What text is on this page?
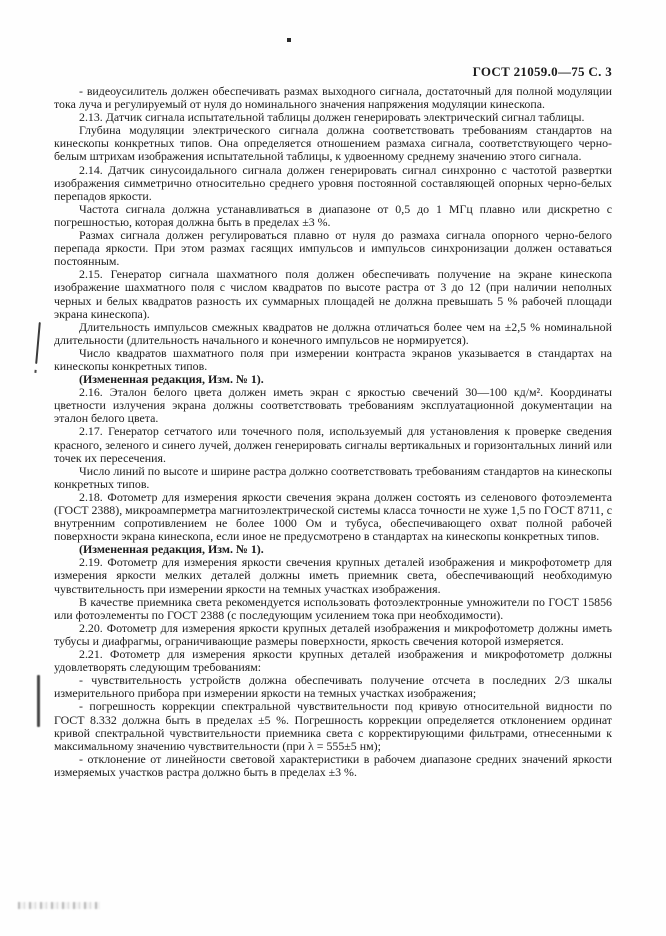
ГОСТ 21059.0—75 С. 3

- видеоусилитель должен обеспечивать размах выходного сигнала, достаточный для полной модуляции тока луча и регулируемый от нуля до номинального значения напряжения модуляции кинескопа.

2.13. Датчик сигнала испытательной таблицы должен генерировать электрический сигнал таблицы.

Глубина модуляции электрического сигнала должна соответствовать требованиям стандартов на кинескопы конкретных типов. Она определяется отношением размаха сигнала, соответствующего черно-белым штрихам изображения испытательной таблицы, к удвоенному среднему значению этого сигнала.

2.14. Датчик синусоидального сигнала должен генерировать сигнал синхронно с частотой развертки изображения симметрично относительно среднего уровня постоянной составляющей опорных черно-белых перепадов яркости.

Частота сигнала должна устанавливаться в диапазоне от 0,5 до 1 МГц плавно или дискретно с погрешностью, которая должна быть в пределах ±3 %.

Размах сигнала должен регулироваться плавно от нуля до размаха сигнала опорного черно-белого перепада яркости. При этом размах гасящих импульсов и импульсов синхронизации должен оставаться постоянным.

2.15. Генератор сигнала шахматного поля должен обеспечивать получение на экране кинескопа изображение шахматного поля с числом квадратов по высоте растра от 3 до 12 (при наличии неполных черных и белых квадратов разность их суммарных площадей не должна превышать 5 % рабочей площади экрана кинескопа).

Длительность импульсов смежных квадратов не должна отличаться более чем на ±2,5 % номинальной длительности (длительность начального и конечного импульсов не нормируется).

Число квадратов шахматного поля при измерении контраста экранов указывается в стандартах на кинескопы конкретных типов.

(Измененная редакция, Изм. № 1).

2.16. Эталон белого цвета должен иметь экран с яркостью свечений 30—100 кд/м². Координаты цветности излучения экрана должны соответствовать требованиям эксплуатационной документации на эталон белого цвета.

2.17. Генератор сетчатого или точечного поля, используемый для установления к проверке сведения красного, зеленого и синего лучей, должен генерировать сигналы вертикальных и горизонтальных линий или точек их пересечения.

Число линий по высоте и ширине растра должно соответствовать требованиям стандартов на кинескопы конкретных типов.

2.18. Фотометр для измерения яркости свечения экрана должен состоять из селенового фотоэлемента (ГОСТ 2388), микроамперметра магнитоэлектрической системы класса точности не хуже 1,5 по ГОСТ 8711, с внутренним сопротивлением не более 1000 Ом и тубуса, обеспечивающего охват полной рабочей поверхности экрана кинескопа, если иное не предусмотрено в стандартах на кинескопы конкретных типов.

(Измененная редакция, Изм. № 1).

2.19. Фотометр для измерения яркости свечения крупных деталей изображения и микрофотометр для измерения яркости мелких деталей должны иметь приемник света, обеспечивающий необходимую чувствительность при измерении яркости на темных участках изображения.

В качестве приемника света рекомендуется использовать фотоэлектронные умножители по ГОСТ 15856 или фотоэлементы по ГОСТ 2388 (с последующим усилением тока при необходимости).

2.20. Фотометр для измерения яркости крупных деталей изображения и микрофотометр должны иметь тубусы и диафрагмы, ограничивающие размеры поверхности, яркость свечения которой измеряется.

2.21. Фотометр для измерения яркости крупных деталей изображения и микрофотометр должны удовлетворять следующим требованиям:

- чувствительность устройств должна обеспечивать получение отсчета в последних 2/3 шкалы измерительного прибора при измерении яркости на темных участках изображения;

- погрешность коррекции спектральной чувствительности под кривую относительной видности по ГОСТ 8.332 должна быть в пределах ±5 %. Погрешность коррекции определяется отклонением ординат кривой спектральной чувствительности приемника света с корректирующими фильтрами, отнесенными к максимальному значению чувствительности (при λ = 555±5 нм);

- отклонение от линейности световой характеристики в рабочем диапазоне средних значений яркости измеряемых участков растра должно быть в пределах ±3 %.
